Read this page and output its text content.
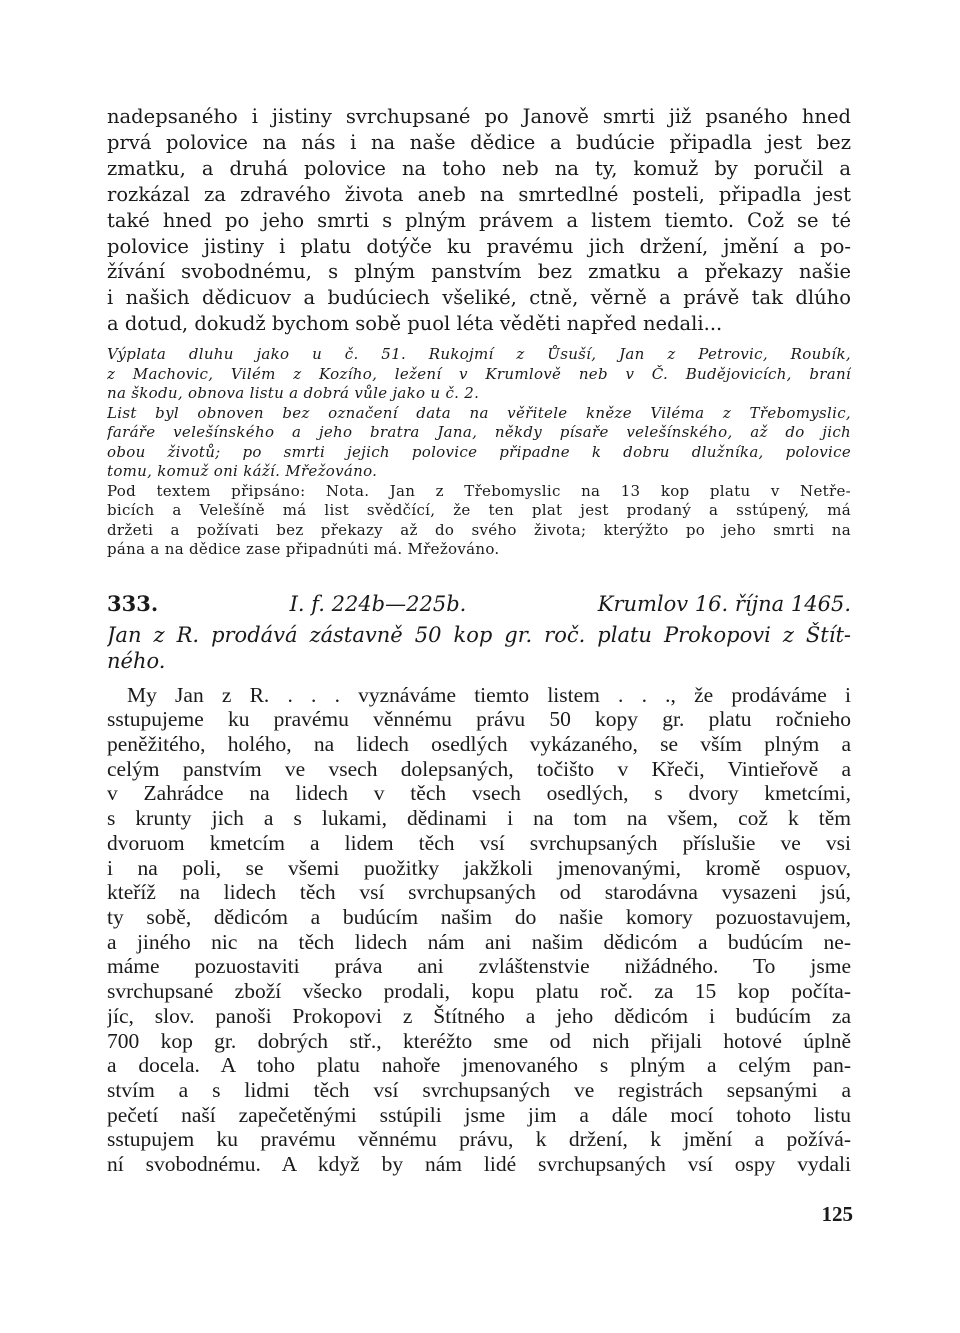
nadepsaného i jistiny svrchupsané po Janově smrti již psaného hned
prvá polovice na nás i na naše dědice a budúcie připadla jest bez
zmatku, a druhá polovice na toho neb na ty, komuž by poručil a
rozkázal za zdravého života aneb na smrtedlné posteli, připadla jest
také hned po jeho smrti s plným právem a listem tiemto. Což se té
polovice jistiny i platu dotýče ku pravému jich držení, jmění a po-
žívání svobodnému, s plným panstvím bez zmatku a překazy našie
i našich dědicuov a budúciech všeliké, ctně, věrně a právě tak dlúho
a dotud, dokudž bychom sobě puol léta věděti napřed nedali...
Výplata dluhu jako u č. 51. Rukojmí z Ůsuší, Jan z Petrovic, Roubík,
z Machovic, Vilém z Kozího, ležení v Krumlově neb v Č. Budějovicích, braní
na škodu, obnova listu a dobrá vůle jako u č. 2.
List byl obnoven bez označení data na věřitele kněze Viléma z Třebomyslic,
faráře velešínského a jeho bratra Jana, někdy písaře velešínského, až do jich
obou životů; po smrti jejich polovice připadne k dobru dlužníka, polovice
tomu, komuž oni káží. Mřežováno.
Pod textem připsáno: Nota. Jan z Třebomyslic na 13 kop platu v Netře-
bicích a Velešíně má list svědčící, že ten plat jest prodaný a sstúpený, má
držeti a požívati bez překazy až do svého života; kterýžto po jeho smrti na
pána a na dědice zase připadnúti má. Mřežováno.
333.	I. f. 224b—225b.	Krumlov 16. října 1465.
Jan z R. prodává zástavně 50 kop gr. roč. platu Prokopovi z Štít-
ného.
My Jan z R. . . . vyznáváme tiemto listem . . ., že prodáváme i
sstupujeme ku pravému věnnému právu 50 kopy gr. platu ročnieho
peněžitého, holého, na lidech osedlých vykázaného, se vším plným a
celým panstvím ve vsech dolepsaných, točišto v Křeči, Vintieřově a
v Zahrádce na lidech v těch vsech osedlých, s dvory kmetcími,
s krunty jich a s lukami, dědinami i na tom na všem, což k těm
dvoruom kmetcím a lidem těch vsí svrchupsaných příslušie ve vsi
i na poli, se všemi puožitky jakžkoli jmenovanými, kromě ospuov,
kteříž na lidech těch vsí svrchupsaných od starodávna vysazeni jsú,
ty sobě, dědicóm a budúcím našim do našie komory pozuostavujem,
a jiného nic na těch lidech nám ani našim dědicóm a budúcím ne-
máme pozuostaviti práva ani zvláštenstvie nižádného. To jsme
svrchupsané zboží všecko prodali, kopu platu roč. za 15 kop počíta-
jíc, slov. panoši Prokopovi z Štítného a jeho dědicóm i budúcím za
700 kop gr. dobrých stř., kteréžto sme od nich přijali hotové úplně
a docela. A toho platu nahoře jmenovaného s plným a celým pan-
stvím a s lidmi těch vsí svrchupsaných ve registrách sepsanými a
pečetí naší zapečetěnými sstúpili jsme jim a dále mocí tohoto listu
sstupujem ku pravému věnnému právu, k držení, k jmění a požívá-
ní svobodnému. A když by nám lidé svrchupsaných vsí ospy vydali
125
